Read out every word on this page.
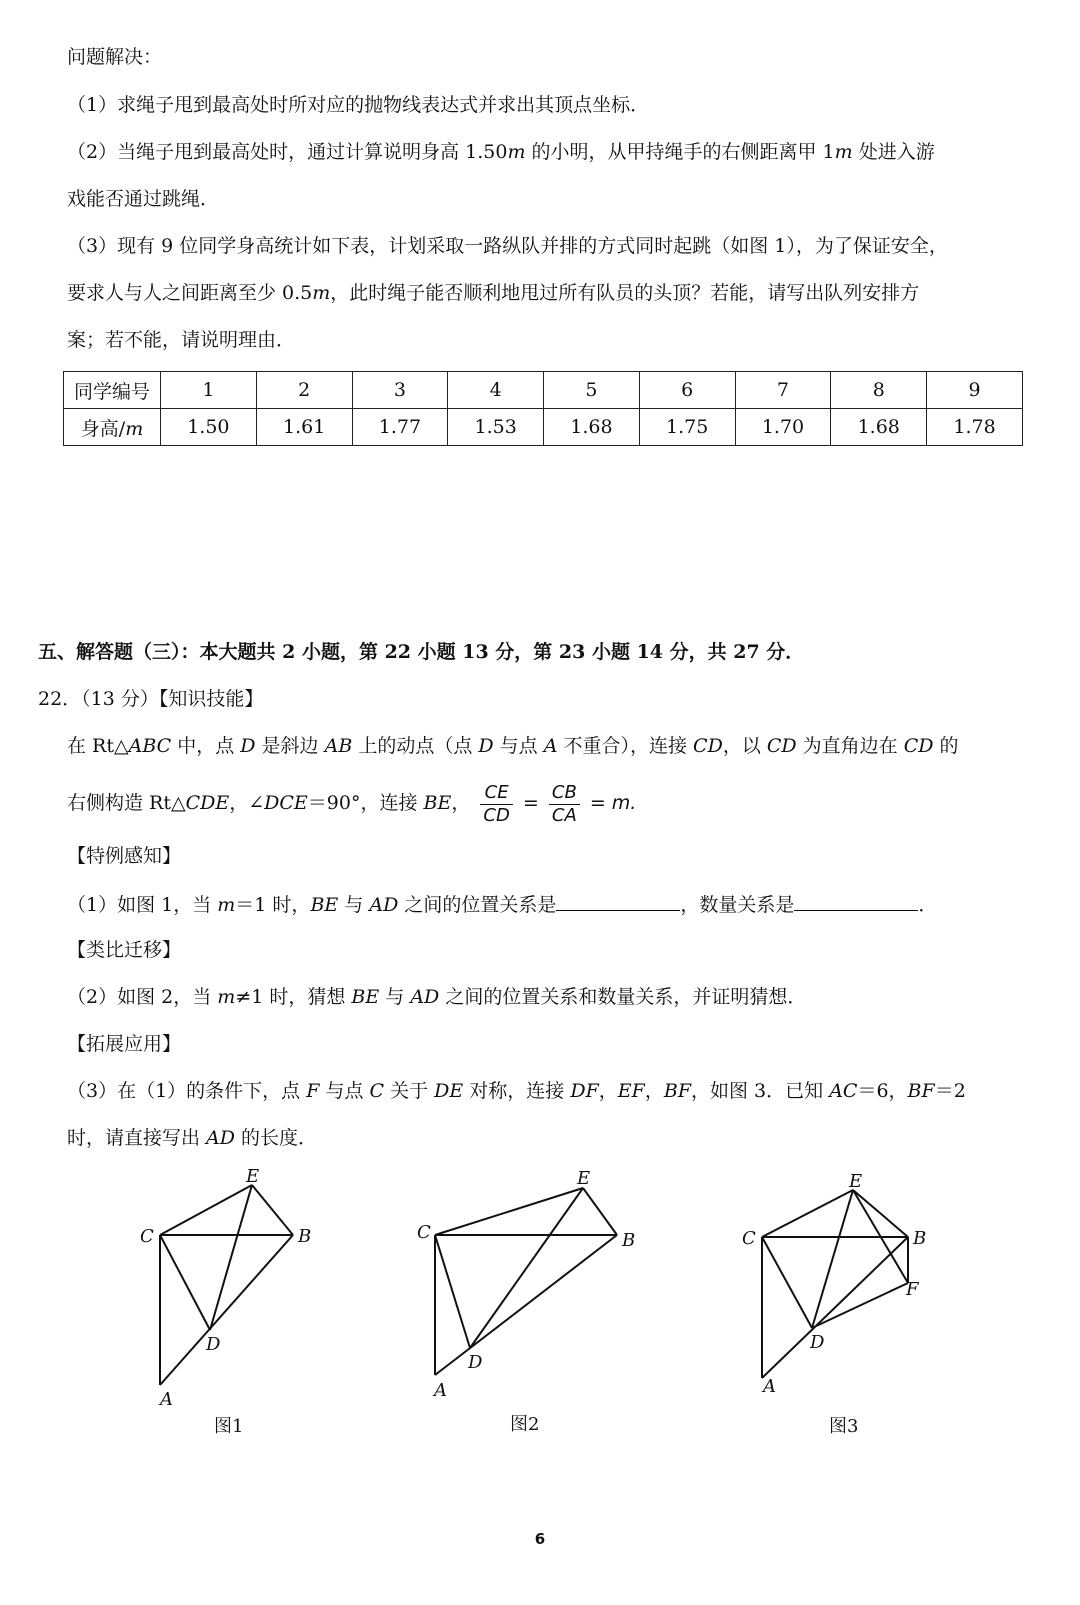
问题解决：
（1）求绳子甩到最高处时所对应的抛物线表达式并求出其顶点坐标．
（2）当绳子甩到最高处时，通过计算说明身高 1.50m 的小明，从甲持绳手的右侧距离甲 1m 处进入游
戏能否通过跳绳．
（3）现有 9 位同学身高统计如下表，计划采取一路纵队并排的方式同时起跳（如图 1），为了保证安全，
要求人与人之间距离至少 0.5m，此时绳子能否顺利地甩过所有队员的头顶？若能，请写出队列安排方
案；若不能，请说明理由．
同学编号	1	2	3	4	5	6	7	8	9
身高/m	1.50	1.61	1.77	1.53	1.68	1.75	1.70	1.68	1.78
五、解答题（三）：本大题共 2 小题，第 22 小题 13 分，第 23 小题 14 分，共 27 分．
22．（13 分）【知识技能】
在 Rt△ABC 中，点 D 是斜边 AB 上的动点（点 D 与点 A 不重合），连接 CD，以 CD 为直角边在 CD 的
右侧构造 Rt△CDE，∠DCE＝90°，连接 BE， $\frac{CE}{CD} = \frac{CB}{CA} = m$.
【特例感知】
（1）如图 1，当 m＝1 时，BE 与 AD 之间的位置关系是	，数量关系是	．
【类比迁移】
（2）如图 2，当 m≠1 时，猜想 BE 与 AD 之间的位置关系和数量关系，并证明猜想．
【拓展应用】
（3）在（1）的条件下，点 F 与点 C 关于 DE 对称，连接 DF，EF，BF，如图 3．已知 AC＝6，BF＝2
时，请直接写出 AD 的长度．
E
C	B
D
A
图1
E
C	B
D
A
图2
E
C	B
F
D
A
图3
6
